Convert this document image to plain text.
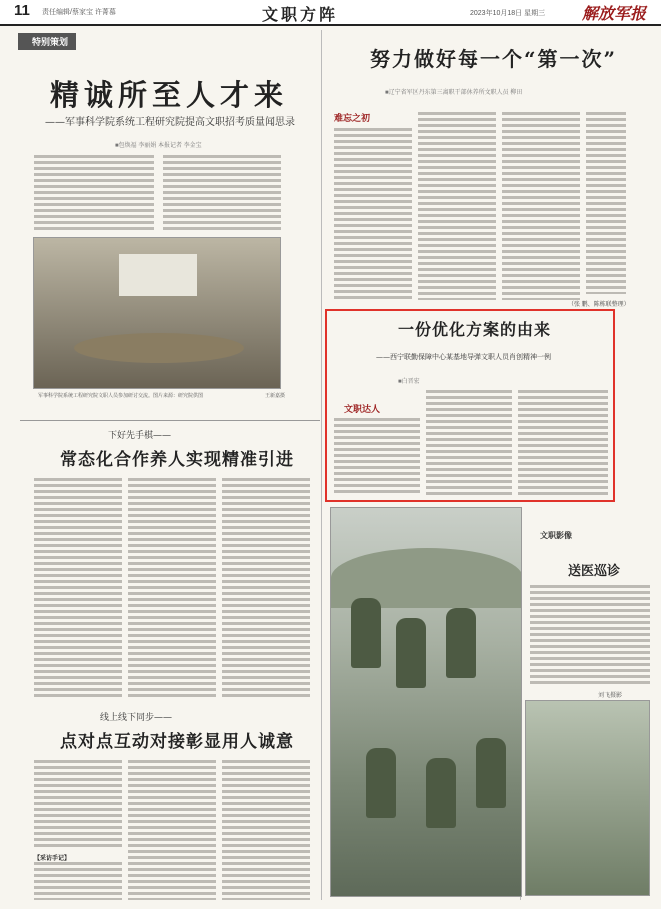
11 责任编辑/蔡家宝 许菁慕	文职方阵	2023年10月18日 星期三 解放军报
特别策划
精诚所至人才来
——军事科学院系统工程研究院提高文职招考质量闻思录
■包焕福 李丽娟 本报记者 李金宝
军事科学院系统工程研究院文职人员参加研讨交流。图片来源：研究院供图	王新嘉摄
下好先手棋——
常态化合作养人实现精准引进
线上线下同步——
点对点互动对接彰显用人诚意
【采访手记】
努力做好每一个“第一次”
■辽宁省军区丹东第三离职干部休养所文职人员 柳田
难忘之初
（张 鹏、陈栋联整理）
一份优化方案的由来
——西宁联勤保障中心某基地导弹文职人员肖创精神一例
■白晋宏
文职达人
文职影像
送医巡诊
刘飞摄影
